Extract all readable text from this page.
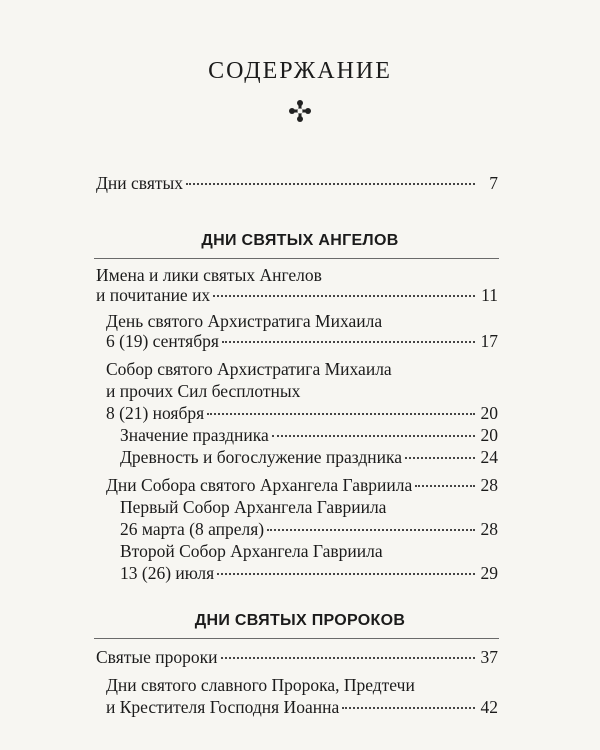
СОДЕРЖАНИЕ
Дни святых	7
ДНИ СВЯТЫХ АНГЕЛОВ
Имена и лики святых Ангелов
и почитание их	11
День святого Архистратига Михаила
6 (19) сентября	17
Собор святого Архистратига Михаила
и прочих Сил бесплотных
8 (21) ноября	20
Значение праздника	20
Древность и богослужение праздника	24
Дни Собора святого Архангела Гавриила	28
Первый Собор Архангела Гавриила
26 марта (8 апреля)	28
Второй Собор Архангела Гавриила
13 (26) июля	29
ДНИ СВЯТЫХ ПРОРОКОВ
Святые пророки	37
Дни святого славного Пророка, Предтечи
и Крестителя Господня Иоанна	42
